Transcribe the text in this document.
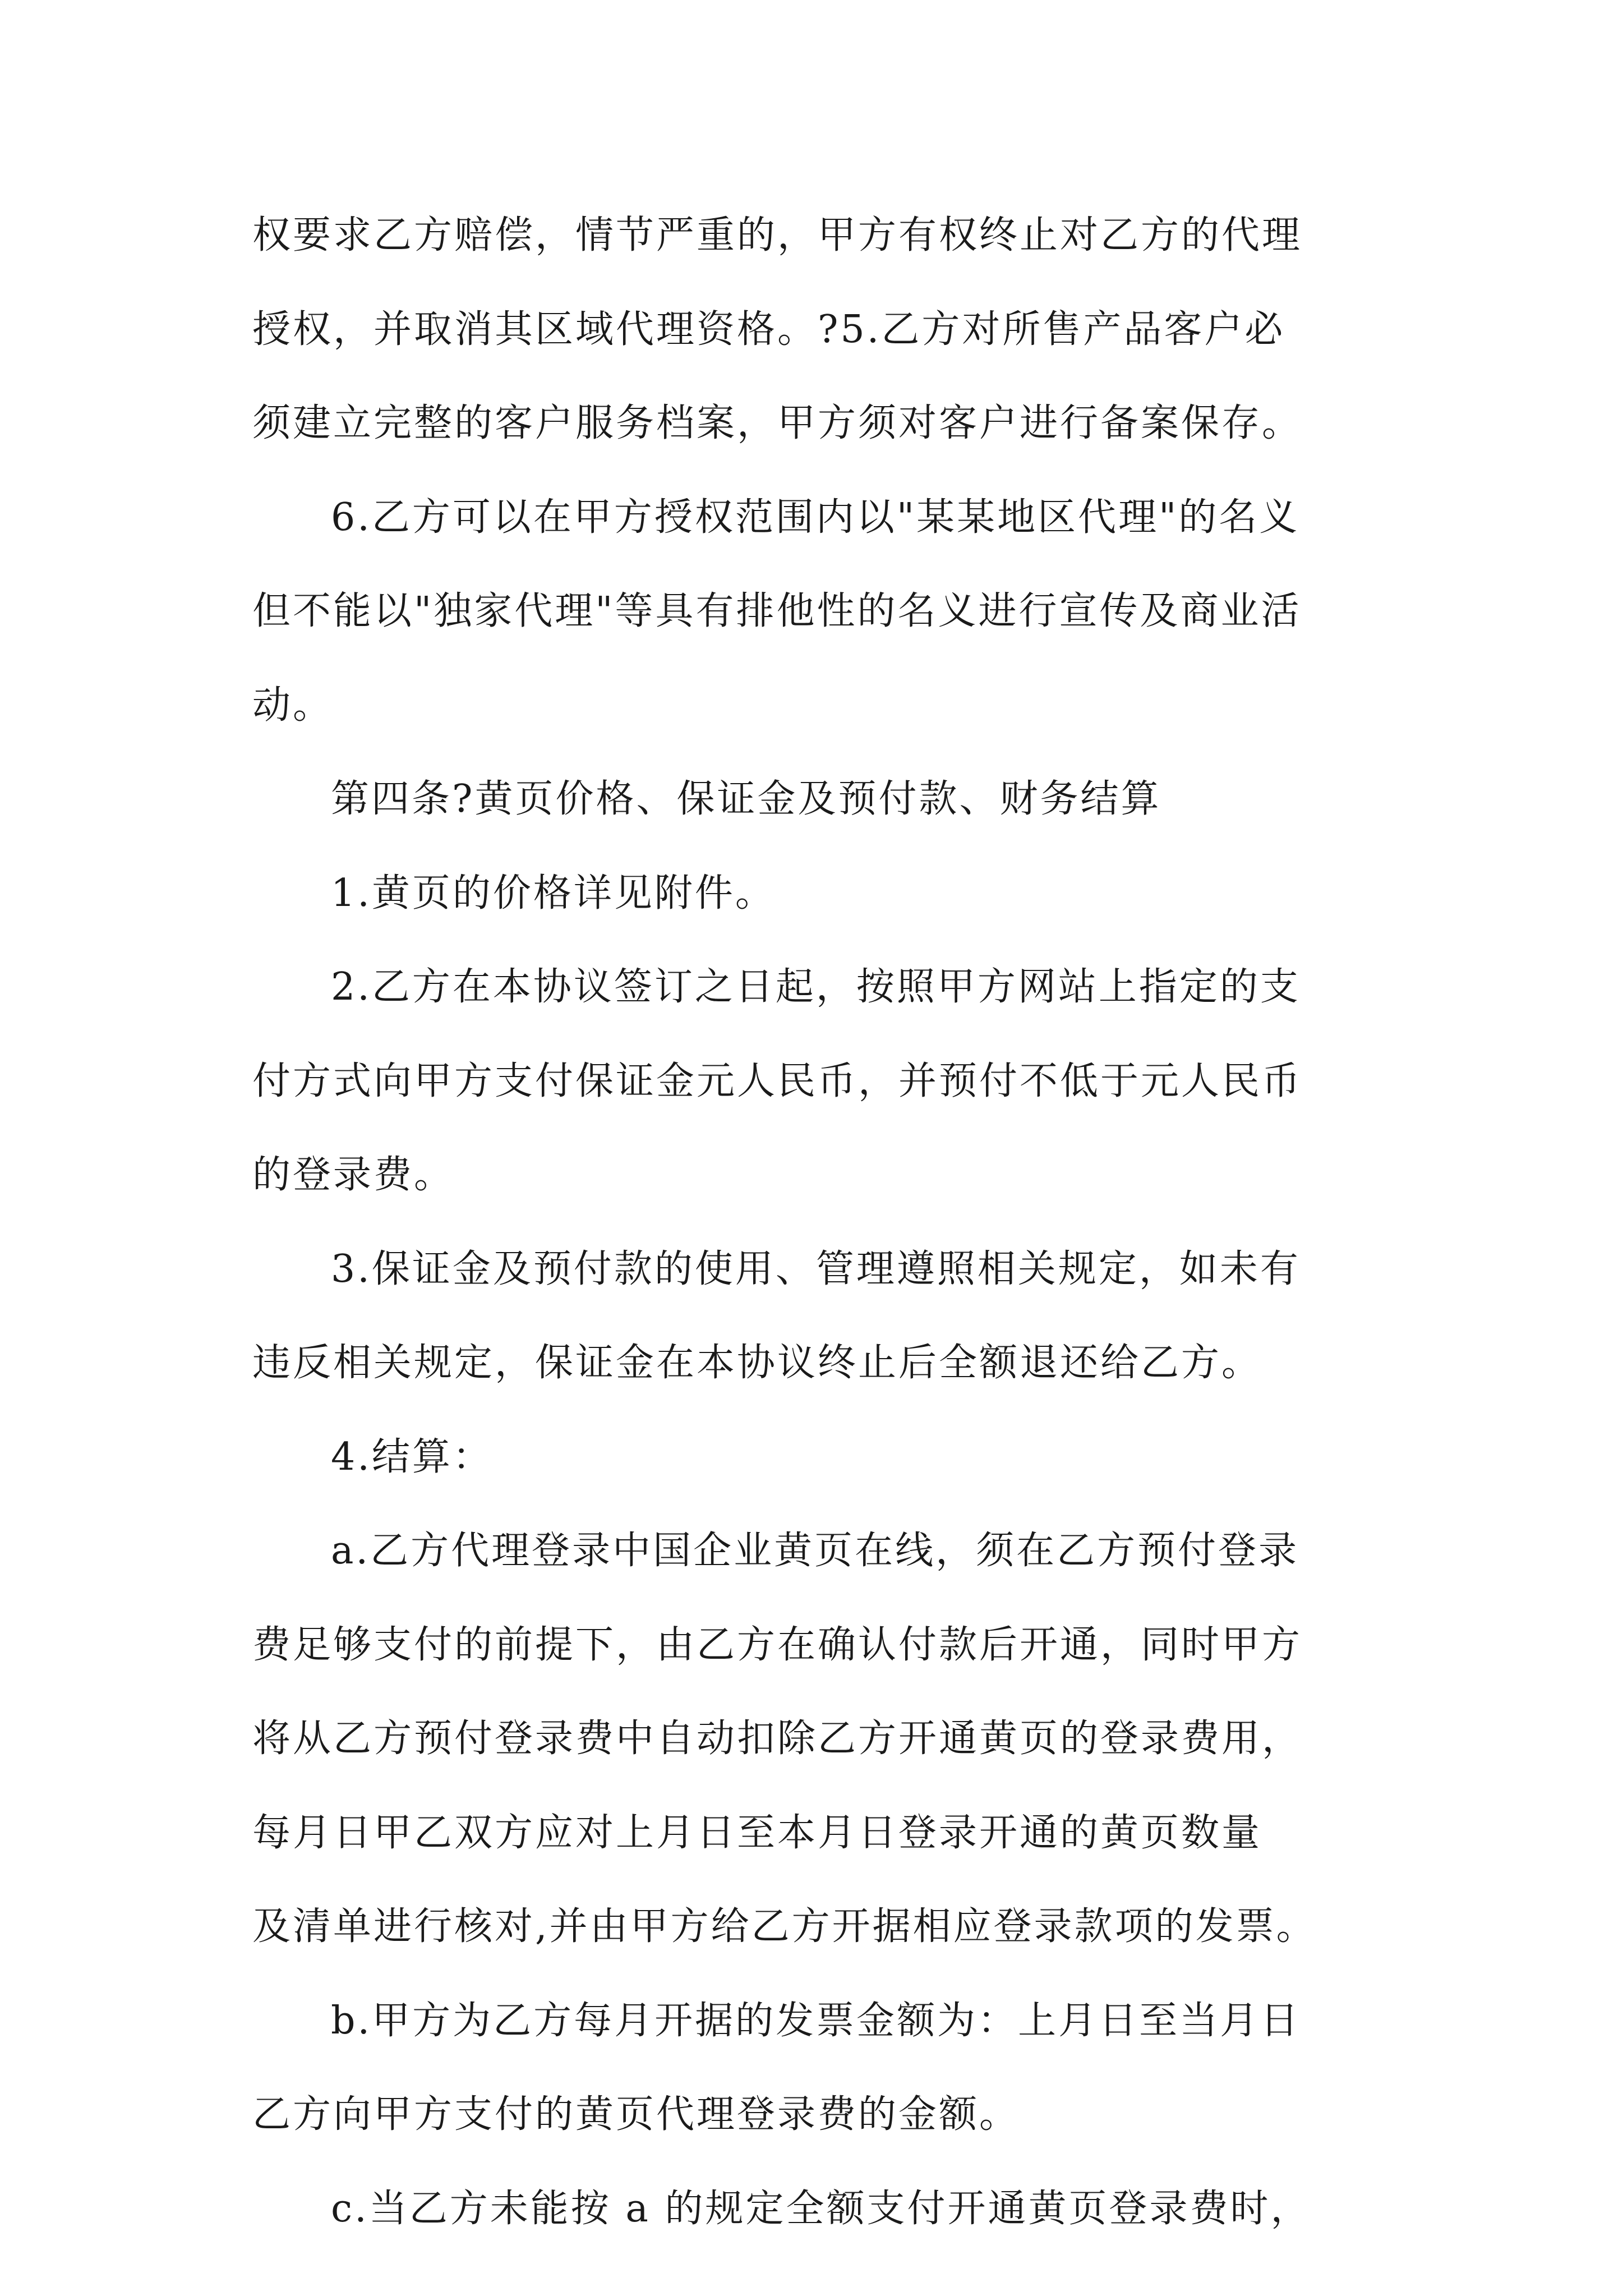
权要求乙方赔偿，情节严重的，甲方有权终止对乙方的代理
授权，并取消其区域代理资格。?5.乙方对所售产品客户必
须建立完整的客户服务档案，甲方须对客户进行备案保存。
6.乙方可以在甲方授权范围内以"某某地区代理"的名义
但不能以"独家代理"等具有排他性的名义进行宣传及商业活
动。
第四条?黄页价格、保证金及预付款、财务结算
1.黄页的价格详见附件。
2.乙方在本协议签订之日起，按照甲方网站上指定的支
付方式向甲方支付保证金元人民币，并预付不低于元人民币
的登录费。
3.保证金及预付款的使用、管理遵照相关规定，如未有
违反相关规定，保证金在本协议终止后全额退还给乙方。
4.结算：
a.乙方代理登录中国企业黄页在线，须在乙方预付登录
费足够支付的前提下，由乙方在确认付款后开通，同时甲方
将从乙方预付登录费中自动扣除乙方开通黄页的登录费用，
每月日甲乙双方应对上月日至本月日登录开通的黄页数量
及清单进行核对,并由甲方给乙方开据相应登录款项的发票。
b.甲方为乙方每月开据的发票金额为：上月日至当月日
乙方向甲方支付的黄页代理登录费的金额。
c.当乙方未能按 a 的规定全额支付开通黄页登录费时，
